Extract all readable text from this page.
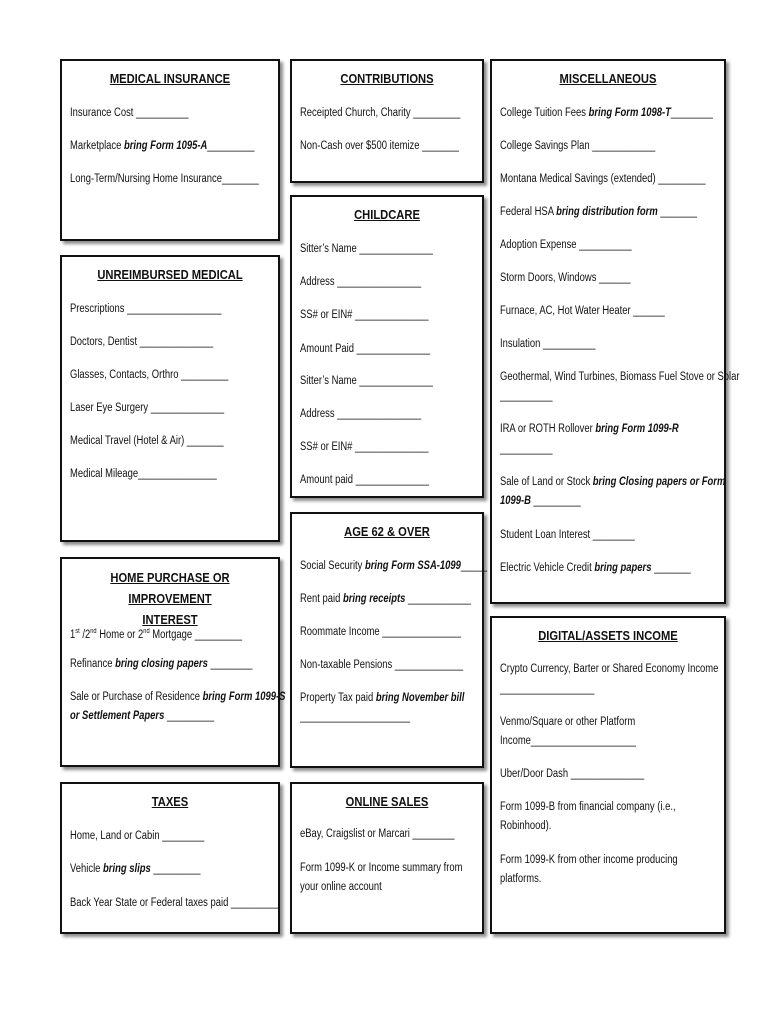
MEDICAL INSURANCE
Insurance Cost __________
Marketplace bring Form 1095-A_________
Long-Term/Nursing Home Insurance_______
UNREIMBURSED MEDICAL
Prescriptions __________________
Doctors, Dentist ______________
Glasses, Contacts, Orthro _________
Laser Eye Surgery ______________
Medical Travel (Hotel & Air) _______
Medical Mileage_______________
HOME PURCHASE OR IMPROVEMENT
INTEREST
1st /2nd Home or 2nd Mortgage _________
Refinance bring closing papers ________
Sale or Purchase of Residence bring Form 1099-S
or Settlement Papers _________
TAXES
Home, Land or Cabin ________
Vehicle bring slips _________
Back Year State or Federal taxes paid _________
CONTRIBUTIONS
Receipted Church, Charity _________
Non-Cash over $500 itemize _______
CHILDCARE
Sitter’s Name ______________
Address ________________
SS# or EIN# ______________
Amount Paid ______________
Sitter’s Name ______________
Address ________________
SS# or EIN# ______________
Amount paid ______________
AGE 62 & OVER
Social Security bring Form SSA-1099_____
Rent paid bring receipts ____________
Roommate Income _______________
Non-taxable Pensions _____________
Property Tax paid bring November bill
_____________________
ONLINE SALES
eBay, Craigslist or Marcari ________
Form 1099-K or Income summary from
your online account
MISCELLANEOUS
College Tuition Fees bring Form 1098-T________
College Savings Plan ____________
Montana Medical Savings (extended) _________
Federal HSA bring distribution form _______
Adoption Expense __________
Storm Doors, Windows ______
Furnace, AC, Hot Water Heater ______
Insulation __________
Geothermal, Wind Turbines, Biomass Fuel Stove or Solar
__________
IRA or ROTH Rollover bring Form 1099-R
__________
Sale of Land or Stock bring Closing papers or Form
1099-B _________
Student Loan Interest ________
Electric Vehicle Credit bring papers _______
DIGITAL/ASSETS INCOME
Crypto Currency, Barter or Shared Economy Income
__________________
Venmo/Square or other Platform
Income____________________
Uber/Door Dash ______________
Form 1099-B from financial company (i.e.,
Robinhood).
Form 1099-K from other income producing
platforms.
